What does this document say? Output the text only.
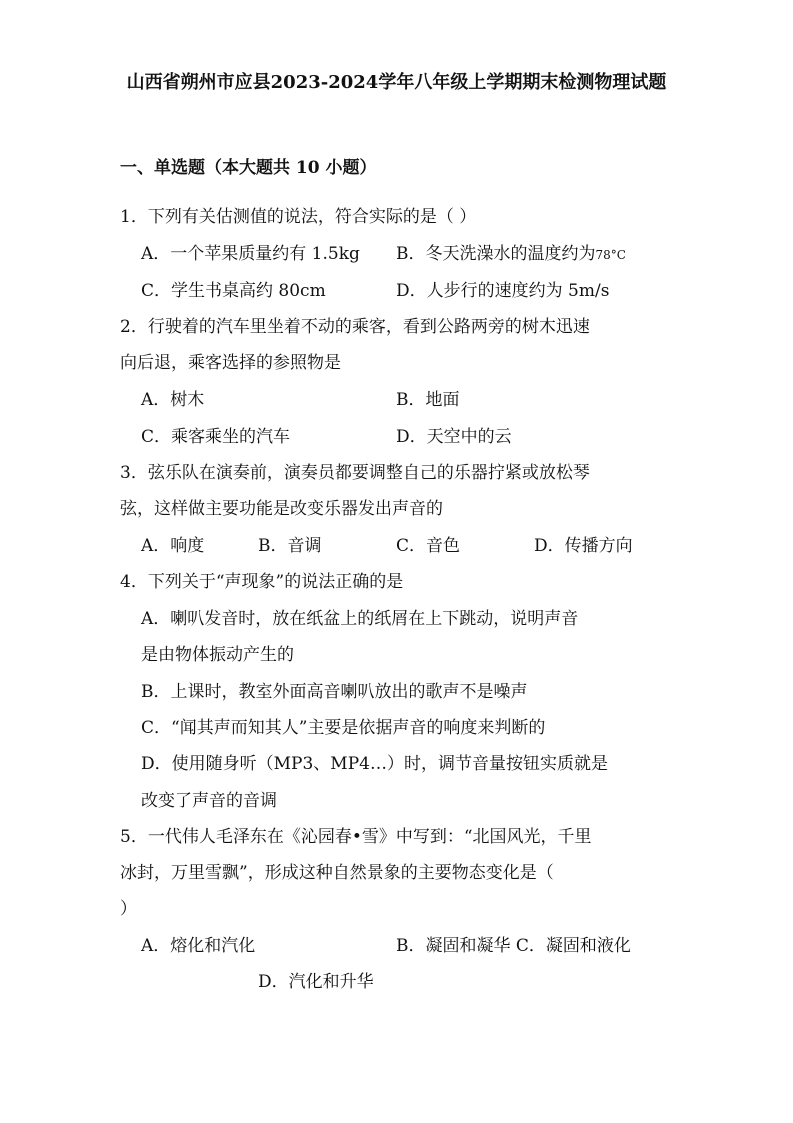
山西省朔州市应县2023-2024学年八年级上学期期末检测物理试题
一、单选题（本大题共 10 小题）
1．下列有关估测值的说法，符合实际的是（ ）
A．一个苹果质量约有 1.5kg B．冬天洗澡水的温度约为78°C
C．学生书桌高约 80cm	D．人步行的速度约为 5m/s
2．行驶着的汽车里坐着不动的乘客，看到公路两旁的树木迅速
向后退，乘客选择的参照物是
A．树木	B．地面
C．乘客乘坐的汽车	D．天空中的云
3．弦乐队在演奏前，演奏员都要调整自己的乐器拧紧或放松琴
弦，这样做主要功能是改变乐器发出声音的
A．响度	B．音调	C．音色	D．传播方向
4．下列关于“声现象”的说法正确的是
A．喇叭发音时，放在纸盆上的纸屑在上下跳动，说明声音
是由物体振动产生的
B．上课时，教室外面高音喇叭放出的歌声不是噪声
C．“闻其声而知其人”主要是依据声音的响度来判断的
D．使用随身听（MP3、MP4…）时，调节音量按钮实质就是
改变了声音的音调
5．一代伟人毛泽东在《沁园春•雪》中写到：“北国风光，千里
冰封，万里雪飘”，形成这种自然景象的主要物态变化是（
）
A．熔化和汽化	B．凝固和凝华 C．凝固和液化
D．汽化和升华
